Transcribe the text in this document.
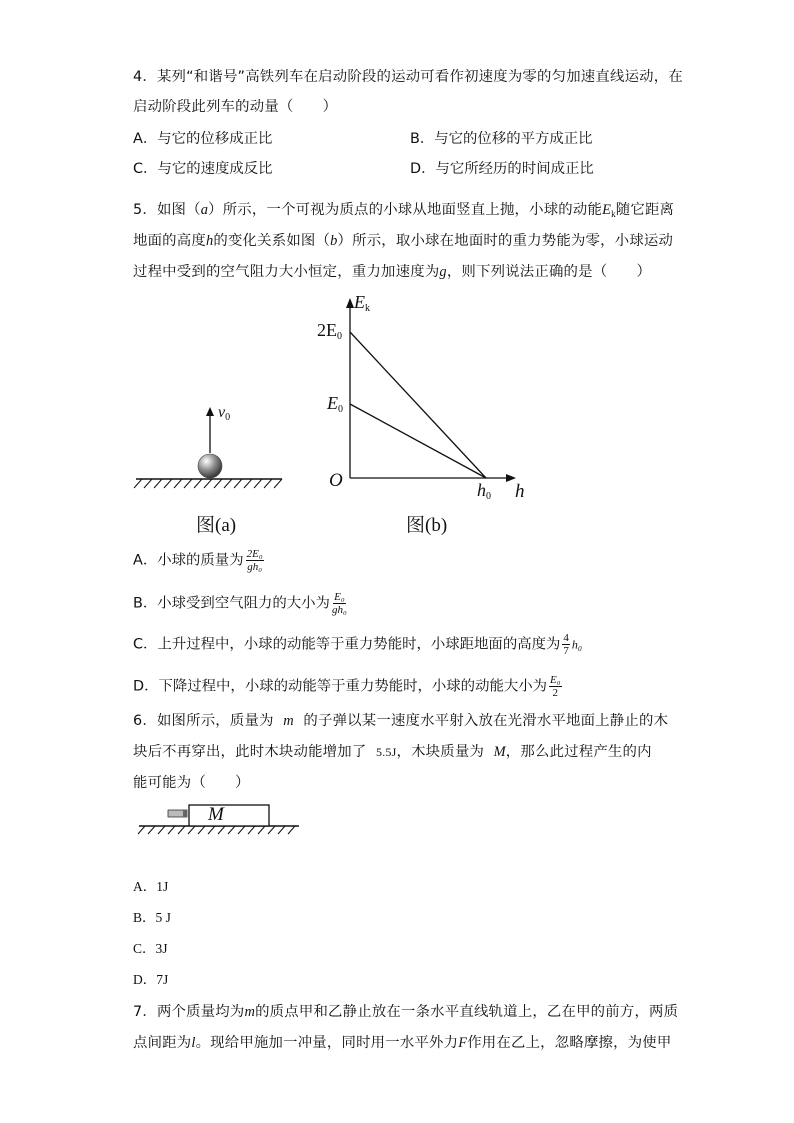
4．某列“和谐号”高铁列车在启动阶段的运动可看作初速度为零的匀加速直线运动，在
启动阶段此列车的动量（　　）
A．与它的位移成正比	B．与它的位移的平方成正比
C．与它的速度成反比	D．与它所经历的时间成正比
5．如图（a）所示，一个可视为质点的小球从地面竖直上抛，小球的动能$E_k$随它距离
地面的高度h的变化关系如图（b）所示，取小球在地面时的重力势能为零，小球运动
过程中受到的空气阻力大小恒定，重力加速度为g，则下列说法正确的是（　　）
$v_0$
图(a)
$E_k$
$2E_0$
$E_0$
O	$h_0$ h
图(b)
A．小球的质量为 $\frac{\text{2E₀}}{\text{gh₀}}$
B．小球受到空气阻力的大小为 $\frac{\text{E₀}}{\text{gh₀}}$
C．上升过程中，小球的动能等于重力势能时，小球距地面的高度为 $\frac{4}{7} h_0$
D．下降过程中，小球的动能等于重力势能时，小球的动能大小为 $\frac{\text{E₀}}{2}$
6．如图所示，质量为 m 的子弹以某一速度水平射入放在光滑水平地面上静止的木
块后不再穿出，此时木块动能增加了 5.5J，木块质量为 M，那么此过程产生的内
能可能为（　　）
M
A．1J
B．5 J
C．3J
D．7J
7．两个质量均为m的质点甲和乙静止放在一条水平直线轨道上，乙在甲的前方，两质
点间距为l。现给甲施加一冲量，同时用一水平外力F作用在乙上，忽略摩擦，为使甲
